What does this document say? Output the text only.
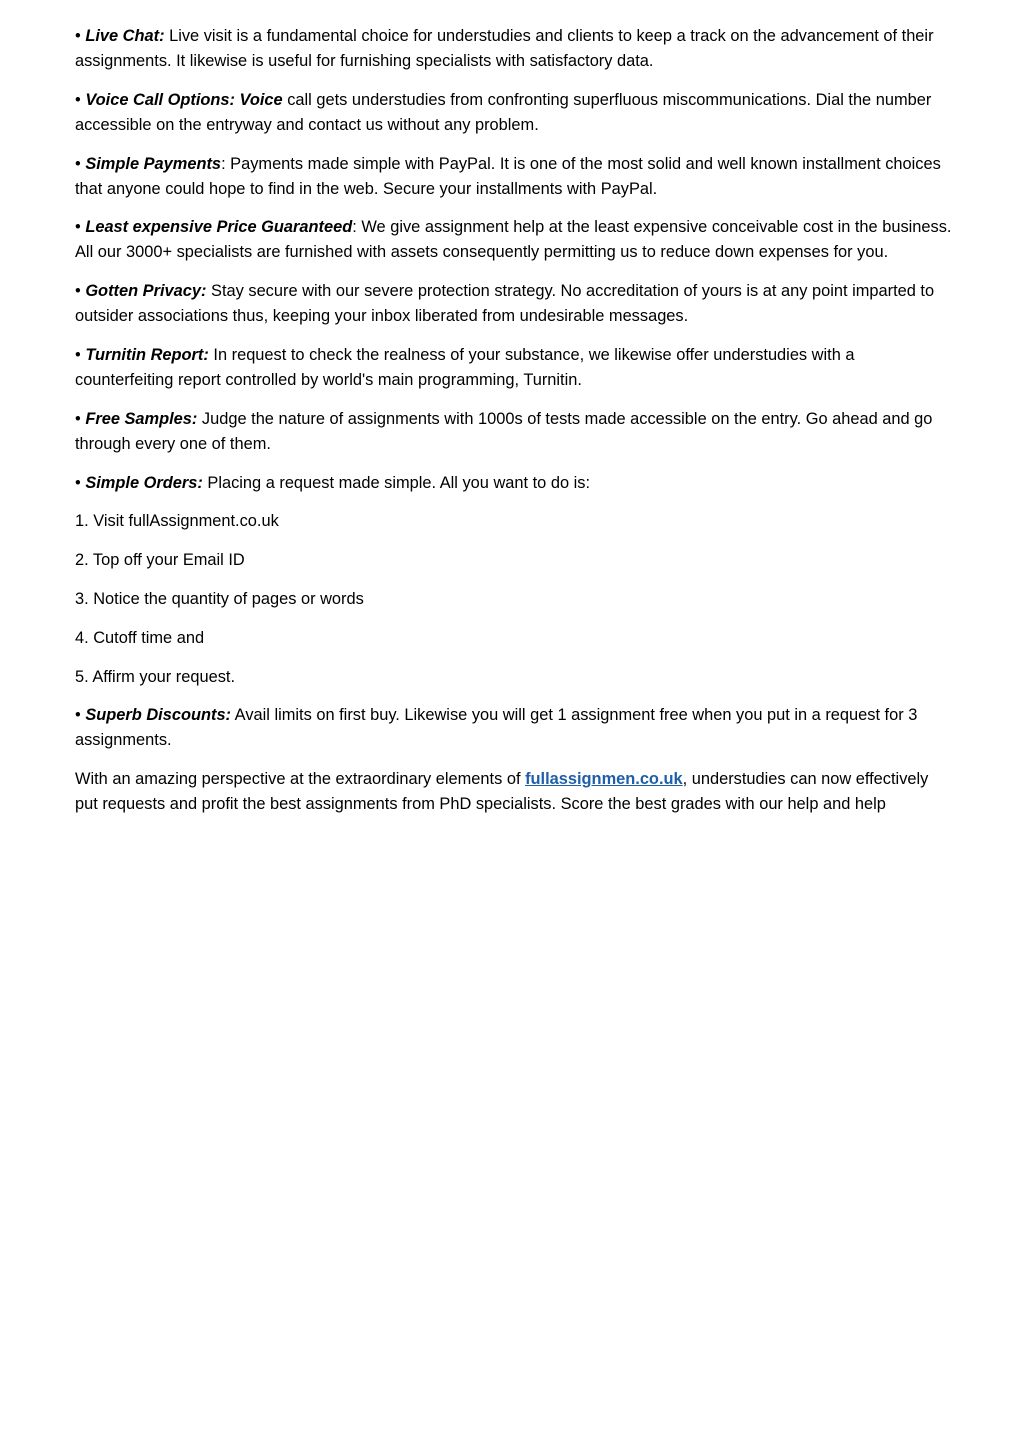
• Live Chat: Live visit is a fundamental choice for understudies and clients to keep a track on the advancement of their assignments. It likewise is useful for furnishing specialists with satisfactory data.

• Voice Call Options: Voice call gets understudies from confronting superfluous miscommunications. Dial the number accessible on the entryway and contact us without any problem.

• Simple Payments: Payments made simple with PayPal. It is one of the most solid and well known installment choices that anyone could hope to find in the web. Secure your installments with PayPal.

• Least expensive Price Guaranteed: We give assignment help at the least expensive conceivable cost in the business. All our 3000+ specialists are furnished with assets consequently permitting us to reduce down expenses for you.

• Gotten Privacy: Stay secure with our severe protection strategy. No accreditation of yours is at any point imparted to outsider associations thus, keeping your inbox liberated from undesirable messages.

• Turnitin Report: In request to check the realness of your substance, we likewise offer understudies with a counterfeiting report controlled by world's main programming, Turnitin.

• Free Samples: Judge the nature of assignments with 1000s of tests made accessible on the entry. Go ahead and go through every one of them.

• Simple Orders: Placing a request made simple. All you want to do is:

1. Visit fullAssignment.co.uk

2. Top off your Email ID

3. Notice the quantity of pages or words

4. Cutoff time and

5. Affirm your request.

• Superb Discounts: Avail limits on first buy. Likewise you will get 1 assignment free when you put in a request for 3 assignments.

With an amazing perspective at the extraordinary elements of fullassignmen.co.uk, understudies can now effectively put requests and profit the best assignments from PhD specialists. Score the best grades with our help and help
